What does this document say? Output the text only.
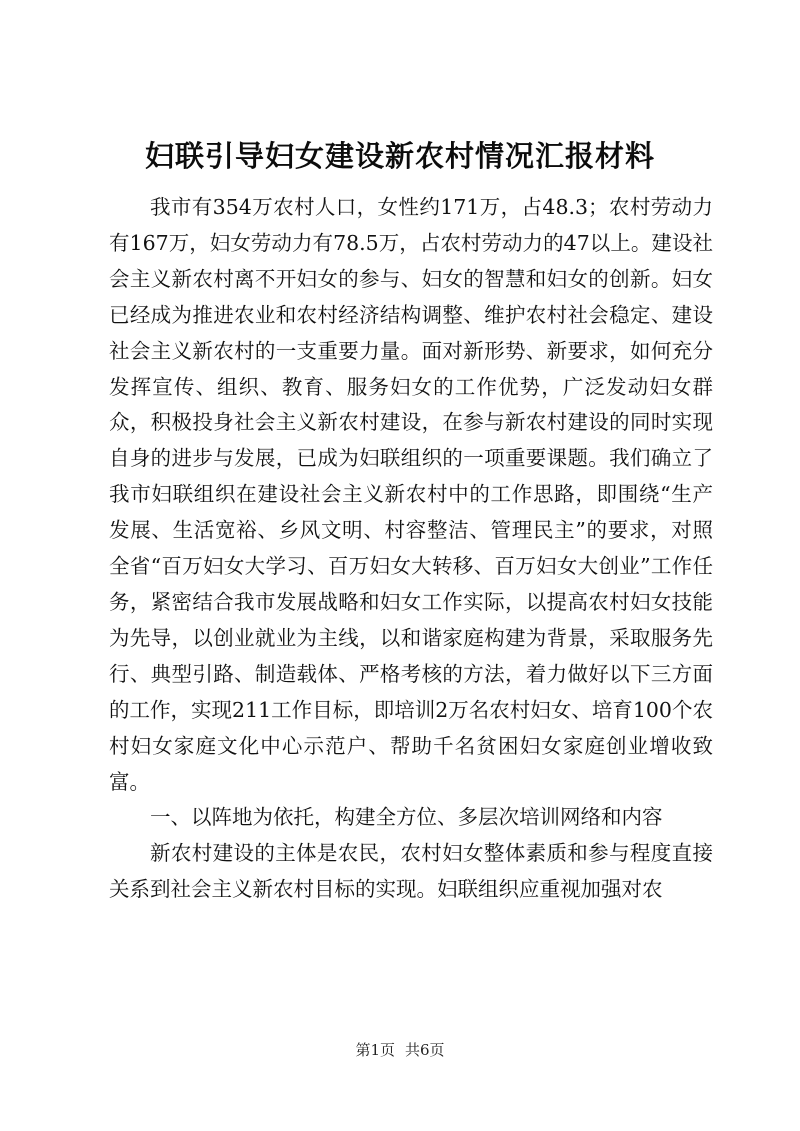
妇联引导妇女建设新农村情况汇报材料

我市有354万农村人口，女性约171万，占48.3；农村劳动力有167万，妇女劳动力有78.5万，占农村劳动力的47以上。建设社会主义新农村离不开妇女的参与、妇女的智慧和妇女的创新。妇女已经成为推进农业和农村经济结构调整、维护农村社会稳定、建设社会主义新农村的一支重要力量。面对新形势、新要求，如何充分发挥宣传、组织、教育、服务妇女的工作优势，广泛发动妇女群众，积极投身社会主义新农村建设，在参与新农村建设的同时实现自身的进步与发展，已成为妇联组织的一项重要课题。我们确立了我市妇联组织在建设社会主义新农村中的工作思路，即围绕“生产发展、生活宽裕、乡风文明、村容整洁、管理民主”的要求，对照全省“百万妇女大学习、百万妇女大转移、百万妇女大创业”工作任务，紧密结合我市发展战略和妇女工作实际，以提高农村妇女技能为先导，以创业就业为主线，以和谐家庭构建为背景，采取服务先行、典型引路、制造载体、严格考核的方法，着力做好以下三方面的工作，实现211工作目标，即培训2万名农村妇女、培育100个农村妇女家庭文化中心示范户、帮助千名贫困妇女家庭创业增收致富。

一、以阵地为依托，构建全方位、多层次培训网络和内容

新农村建设的主体是农民，农村妇女整体素质和参与程度直接关系到社会主义新农村目标的实现。妇联组织应重视加强对农

第1页 共6页
